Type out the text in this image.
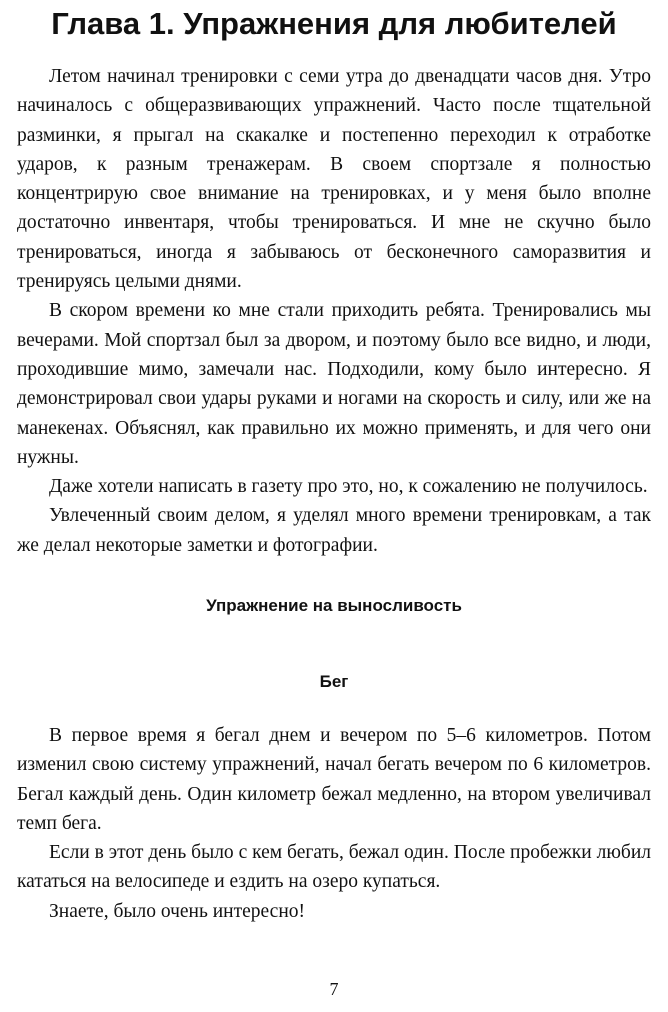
Глава 1. Упражнения для любителей

Летом начинал тренировки с семи утра до двенадцати часов дня. Утро начиналось с общеразвивающих упражнений. Часто после тщательной разминки, я прыгал на скакалке и постепенно переходил к отработке ударов, к разным тренажерам. В своем спортзале я полностью концентрирую свое внимание на тренировках, и у меня было вполне достаточно инвентаря, чтобы тренироваться. И мне не скучно было тренироваться, иногда я забываюсь от бесконечного саморазвития и тренируясь целыми днями.

В скором времени ко мне стали приходить ребята. Тренировались мы вечерами. Мой спортзал был за двором, и поэтому было все видно, и люди, проходившие мимо, замечали нас. Подходили, кому было интересно. Я демонстрировал свои удары руками и ногами на скорость и силу, или же на манекенах. Объяснял, как правильно их можно применять, и для чего они нужны.

Даже хотели написать в газету про это, но, к сожалению не получилось.

Увлеченный своим делом, я уделял много времени тренировкам, а так же делал некоторые заметки и фотографии.

Упражнение на выносливость
Бег

В первое время я бегал днем и вечером по 5–6 километров. Потом изменил свою систему упражнений, начал бегать вечером по 6 километров. Бегал каждый день. Один километр бежал медленно, на втором увеличивал темп бега.

Если в этот день было с кем бегать, бежал один. После пробежки любил кататься на велосипеде и ездить на озеро купаться.

Знаете, было очень интересно!

7
